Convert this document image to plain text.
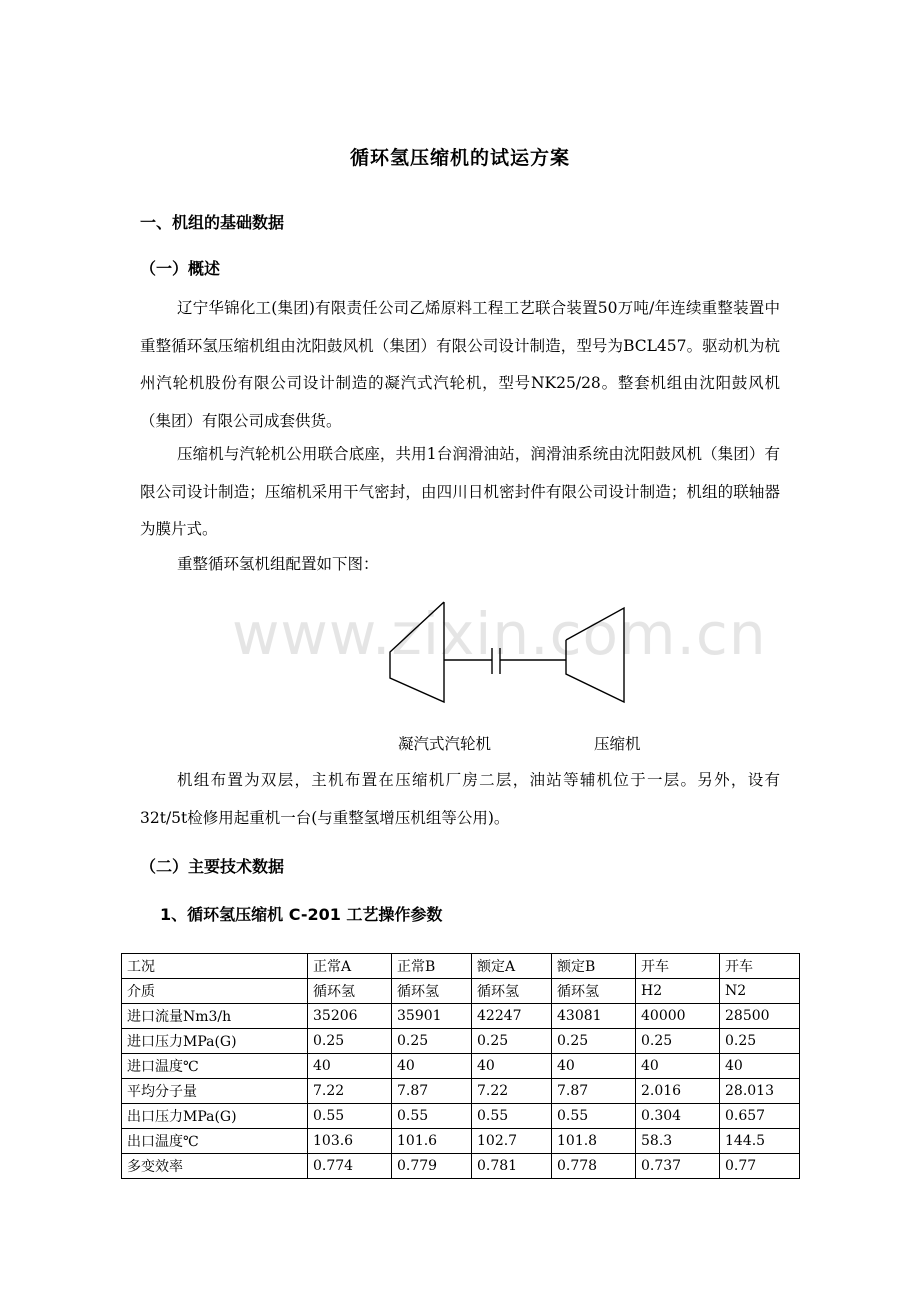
循环氢压缩机的试运方案
一、机组的基础数据
（一）概述

辽宁华锦化工(集团)有限责任公司乙烯原料工程工艺联合装置50万吨/年连续重整装置中重整循环氢压缩机组由沈阳鼓风机（集团）有限公司设计制造，型号为BCL457。驱动机为杭州汽轮机股份有限公司设计制造的凝汽式汽轮机，型号NK25/28。整套机组由沈阳鼓风机（集团）有限公司成套供货。

压缩机与汽轮机公用联合底座，共用1台润滑油站，润滑油系统由沈阳鼓风机（集团）有限公司设计制造；压缩机采用干气密封，由四川日机密封件有限公司设计制造；机组的联轴器为膜片式。

重整循环氢机组配置如下图：

www.zixin.com.cn
凝汽式汽轮机	压缩机

机组布置为双层，主机布置在压缩机厂房二层，油站等辅机位于一层。另外，设有32t/5t检修用起重机一台(与重整氢增压机组等公用)。

（二）主要技术数据
1、循环氢压缩机 C-201 工艺操作参数
工况	正常A	正常B	额定A	额定B	开车	开车
介质	循环氢	循环氢	循环氢	循环氢	H2	N2
进口流量Nm3/h	35206	35901	42247	43081	40000	28500
进口压力MPa(G)	0.25	0.25	0.25	0.25	0.25	0.25
进口温度℃	40	40	40	40	40	40
平均分子量	7.22	7.87	7.22	7.87	2.016	28.013
出口压力MPa(G)	0.55	0.55	0.55	0.55	0.304	0.657
出口温度℃	103.6	101.6	102.7	101.8	58.3	144.5
多变效率	0.774	0.779	0.781	0.778	0.737	0.77
